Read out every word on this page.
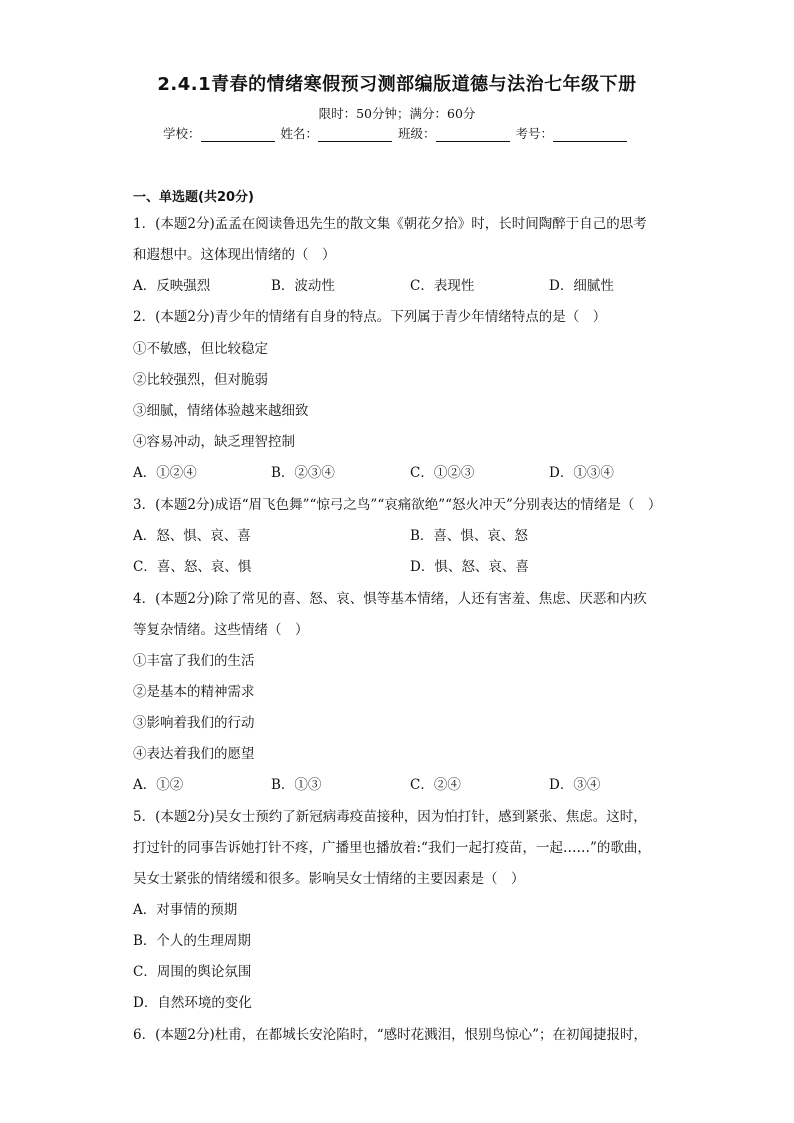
2.4.1青春的情绪寒假预习测部编版道德与法治七年级下册
限时：50分钟；满分：60分
学校：	姓名：	班级：	考号：
一、单选题(共20分)
1．(本题2分)孟孟在阅读鲁迅先生的散文集《朝花夕拾》时，长时间陶醉于自己的思考
和遐想中。这体现出情绪的（　）
A．反映强烈	B．波动性	C．表现性	D．细腻性
2．(本题2分)青少年的情绪有自身的特点。下列属于青少年情绪特点的是（　）
①不敏感，但比较稳定
②比较强烈，但对脆弱
③细腻，情绪体验越来越细致
④容易冲动，缺乏理智控制
A．①②④	B．②③④	C．①②③	D．①③④
3．(本题2分)成语“眉飞色舞”“惊弓之鸟”“哀痛欲绝”“怒火冲天”分别表达的情绪是（　）
A．怒、惧、哀、喜	B．喜、惧、哀、怒
C．喜、怒、哀、惧	D．惧、怒、哀、喜
4．(本题2分)除了常见的喜、怒、哀、惧等基本情绪，人还有害羞、焦虑、厌恶和内疚
等复杂情绪。这些情绪（　）
①丰富了我们的生活
②是基本的精神需求
③影响着我们的行动
④表达着我们的愿望
A．①②	B．①③	C．②④	D．③④
5．(本题2分)吴女士预约了新冠病毒疫苗接种，因为怕打针，感到紧张、焦虑。这时，
打过针的同事告诉她打针不疼，广播里也播放着:“我们一起打疫苗，一起……”的歌曲，
吴女士紧张的情绪缓和很多。影响吴女士情绪的主要因素是（　）
A．对事情的预期
B．个人的生理周期
C．周围的舆论氛围
D．自然环境的变化
6．(本题2分)杜甫，在都城长安沦陷时，“感时花溅泪，恨别鸟惊心”；在初闻捷报时，
